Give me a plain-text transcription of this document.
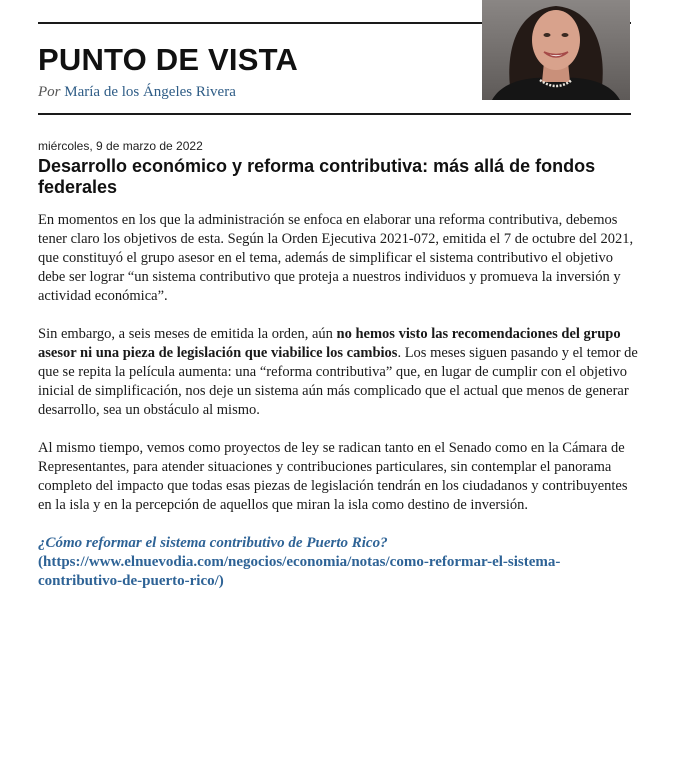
PUNTO DE VISTA
Por María de los Ángeles Rivera
miércoles, 9 de marzo de 2022
Desarrollo económico y reforma contributiva: más allá de fondos federales

En momentos en los que la administración se enfoca en elaborar una reforma contributiva, debemos tener claro los objetivos de esta. Según la Orden Ejecutiva 2021-072, emitida el 7 de octubre del 2021, que constituyó el grupo asesor en el tema, además de simplificar el sistema contributivo el objetivo debe ser lograr “un sistema contributivo que proteja a nuestros individuos y promueva la inversión y actividad económica”.

Sin embargo, a seis meses de emitida la orden, aún no hemos visto las recomendaciones del grupo asesor ni una pieza de legislación que viabilice los cambios. Los meses siguen pasando y el temor de que se repita la película aumenta: una “reforma contributiva” que, en lugar de cumplir con el objetivo inicial de simplificación, nos deje un sistema aún más complicado que el actual que menos de generar desarrollo, sea un obstáculo al mismo.

Al mismo tiempo, vemos como proyectos de ley se radican tanto en el Senado como en la Cámara de Representantes, para atender situaciones y contribuciones particulares, sin contemplar el panorama completo del impacto que todas esas piezas de legislación tendrán en los ciudadanos y contribuyentes en la isla y en la percepción de aquellos que miran la isla como destino de inversión.

¿Cómo reformar el sistema contributivo de Puerto Rico?
(https://www.elnuevodia.com/negocios/economia/notas/como-reformar-el-sistema-contributivo-de-puerto-rico/)
